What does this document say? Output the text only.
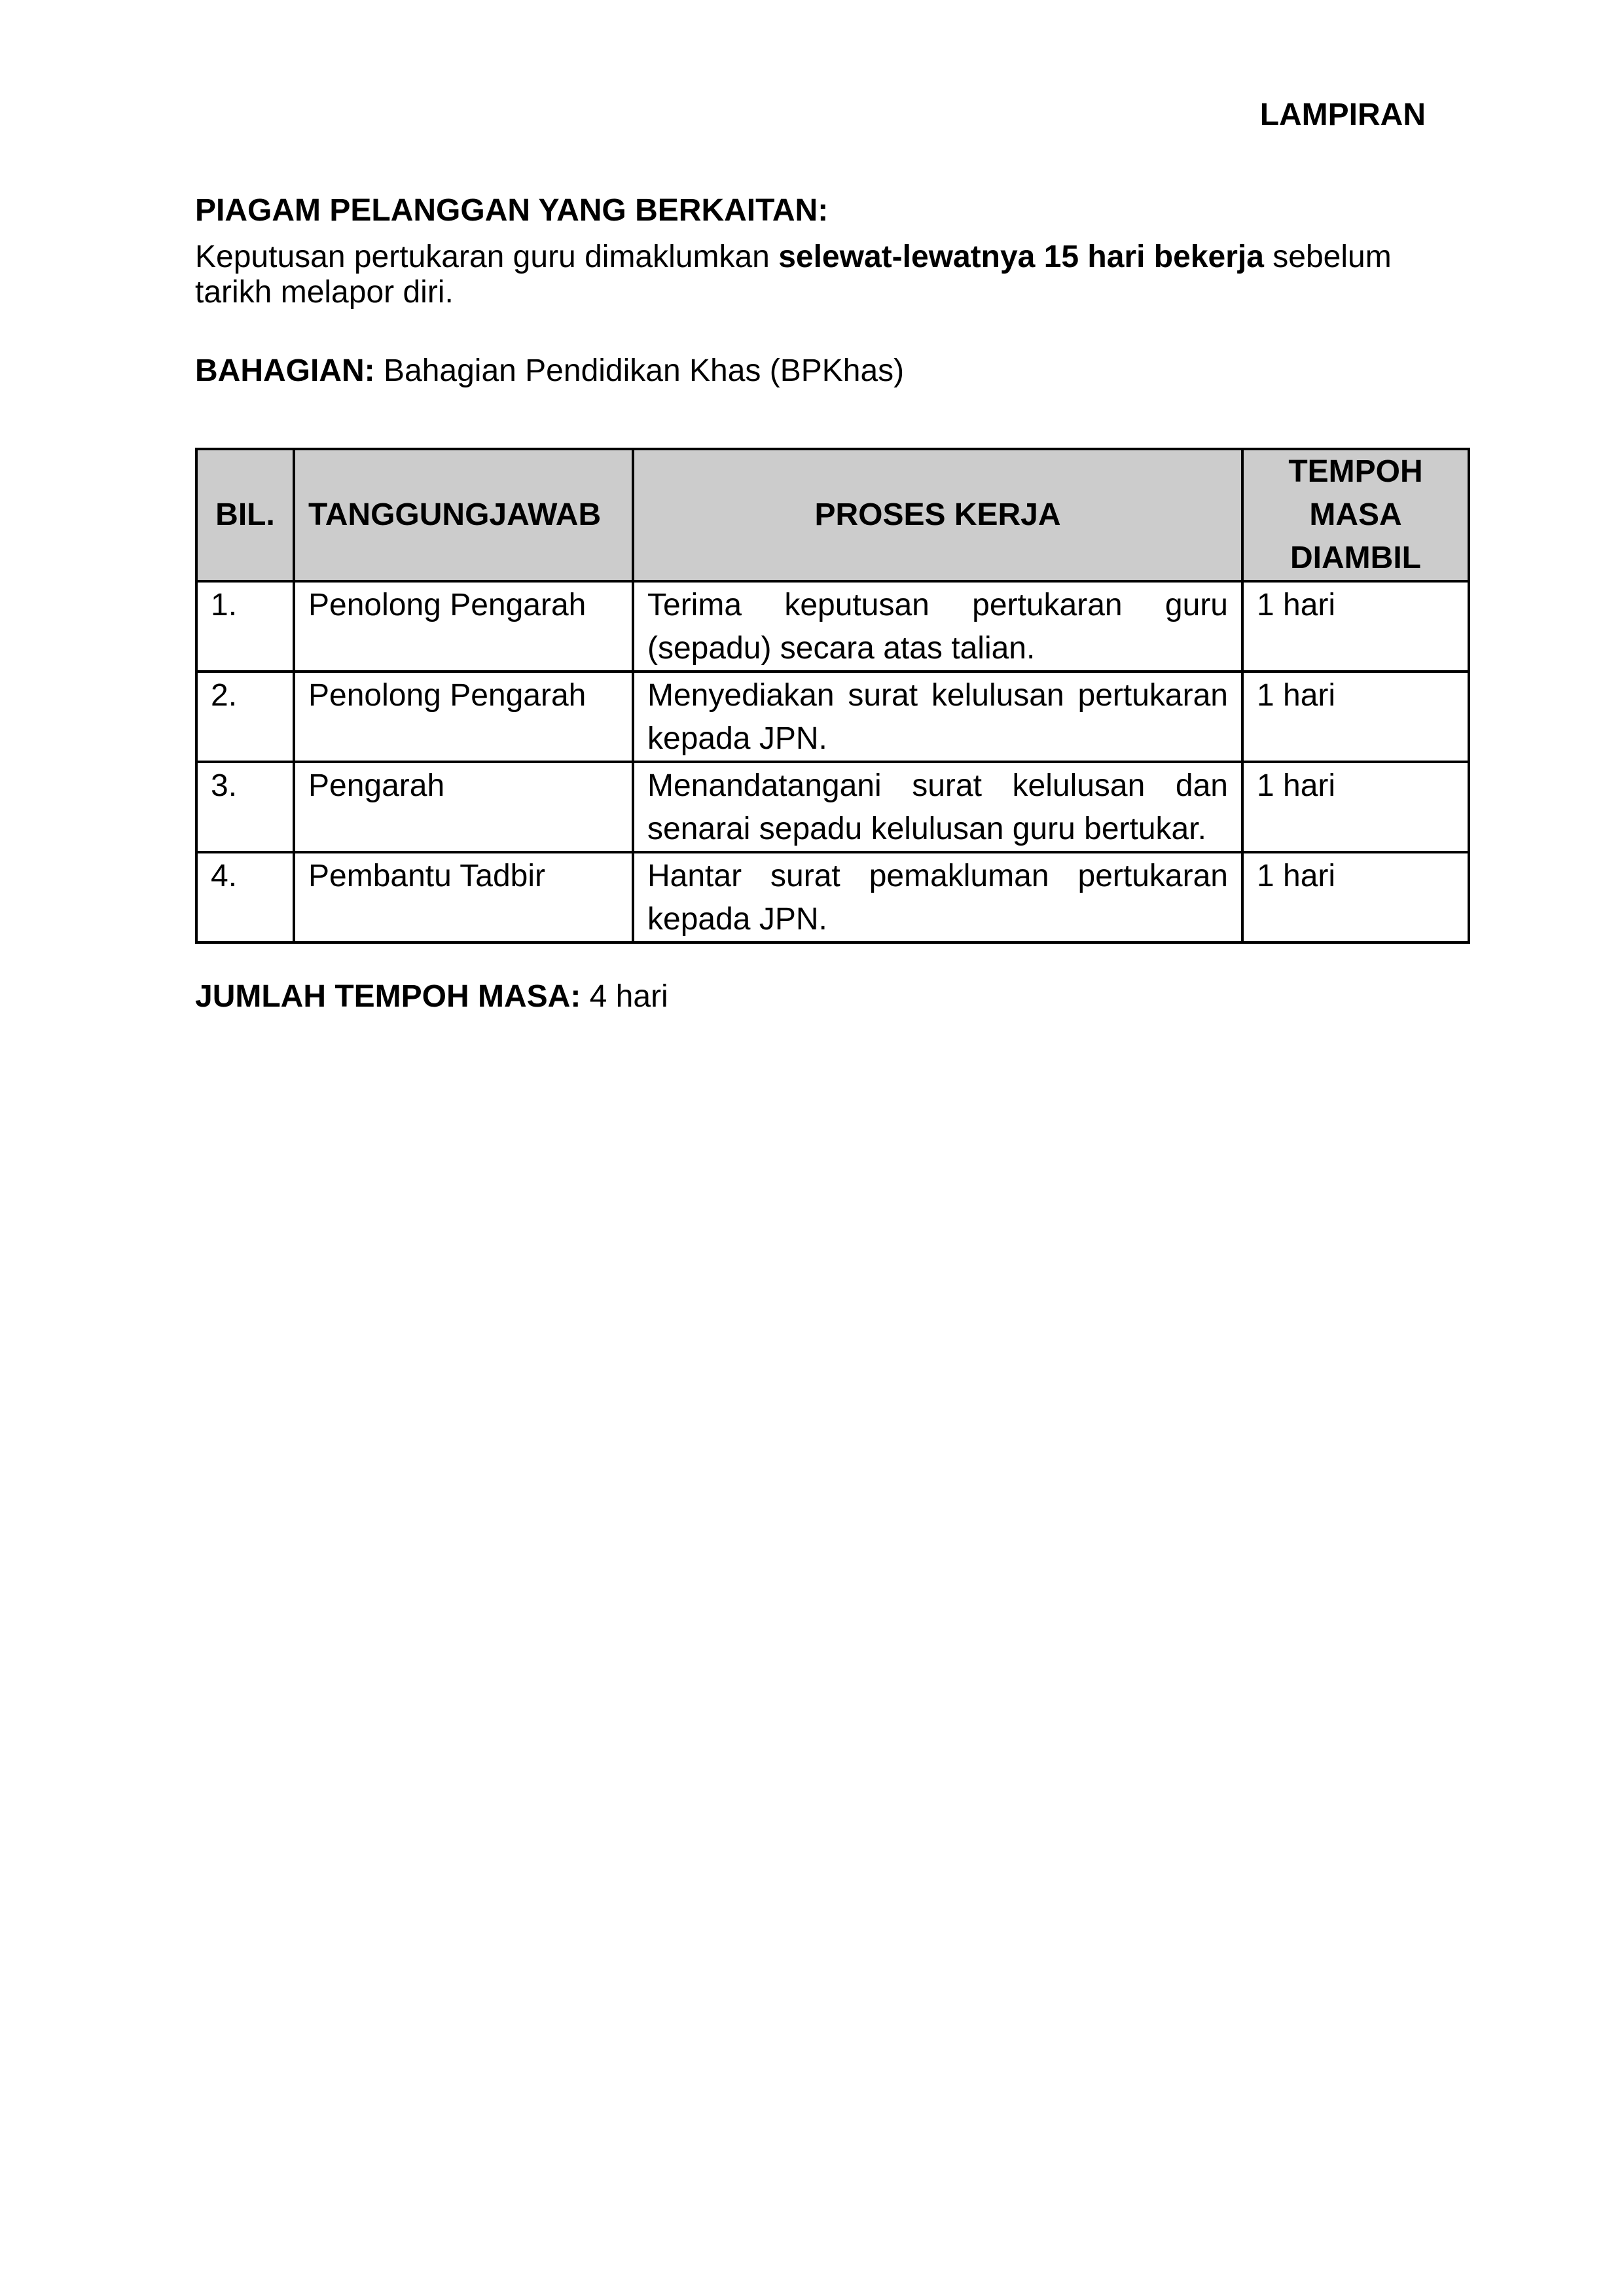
LAMPIRAN
PIAGAM PELANGGAN YANG BERKAITAN:
Keputusan pertukaran guru dimaklumkan selewat-lewatnya 15 hari bekerja sebelum tarikh melapor diri.
BAHAGIAN: Bahagian Pendidikan Khas (BPKhas)
BIL.	TANGGUNGJAWAB	PROSES KERJA	TEMPOH MASA DIAMBIL
1.	Penolong Pengarah	Terima keputusan pertukaran guru (sepadu) secara atas talian.	1 hari
2.	Penolong Pengarah	Menyediakan surat kelulusan pertukaran kepada JPN.	1 hari
3.	Pengarah	Menandatangani surat kelulusan dan senarai sepadu kelulusan guru bertukar.	1 hari
4.	Pembantu Tadbir	Hantar surat pemakluman pertukaran kepada JPN.	1 hari
JUMLAH TEMPOH MASA: 4 hari
